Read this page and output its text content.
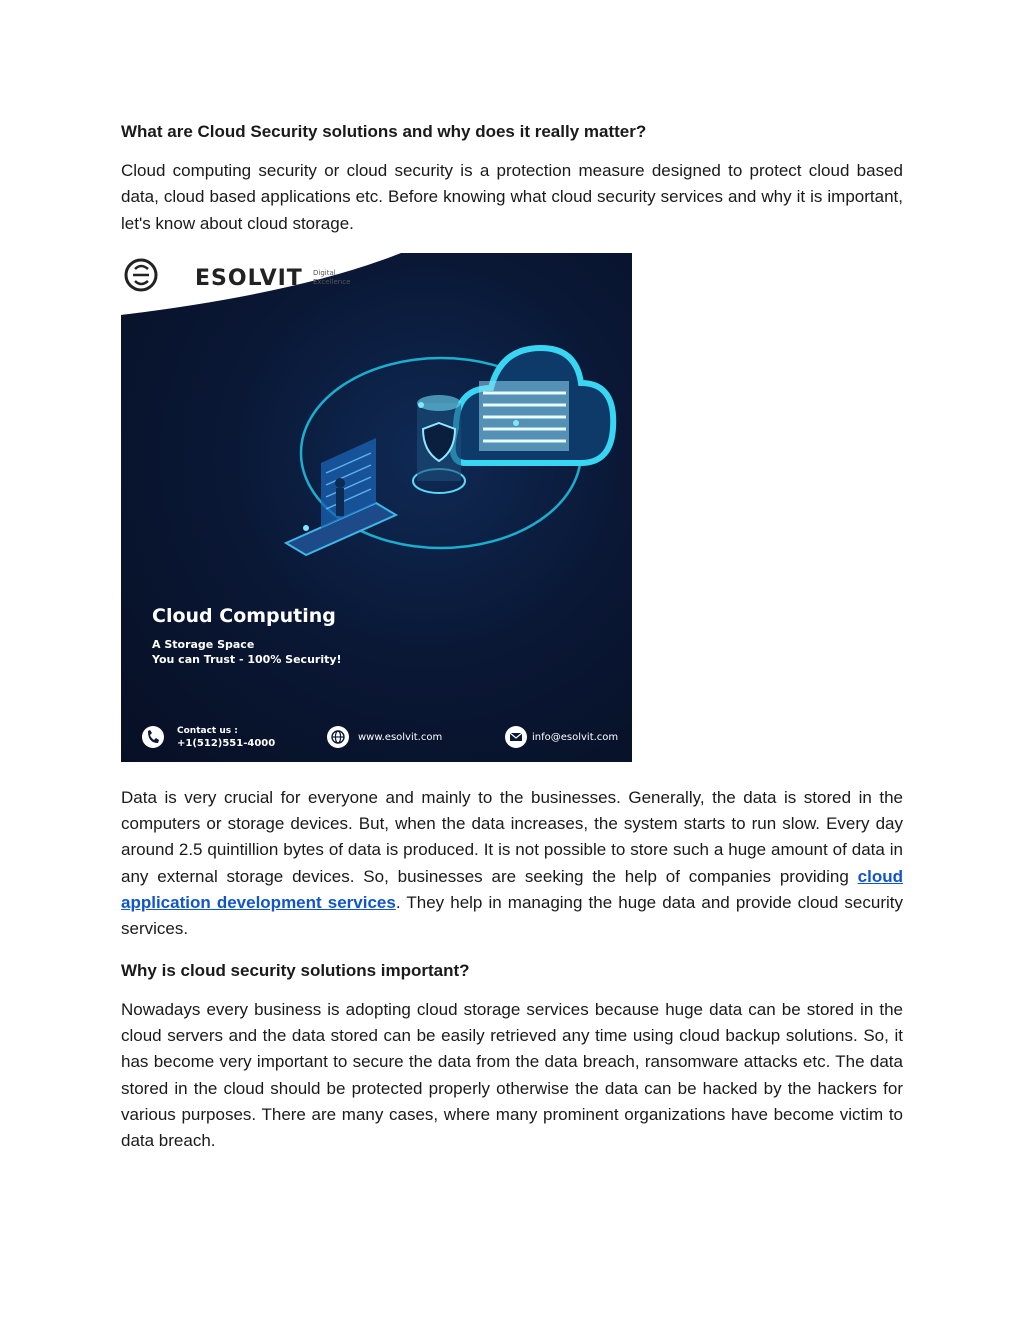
What are Cloud Security solutions and why does it really matter?

Cloud computing security or cloud security is a protection measure designed to protect cloud based data, cloud based applications etc. Before knowing what cloud security services and why it is important, let's know about cloud storage.

ESOLVIT Digital
Excellence
Cloud Computing
A Storage Space
You can Trust - 100% Security!
Contact us :
+1(512)551-4000
www.esolvit.com	info@esolvit.com

Data is very crucial for everyone and mainly to the businesses. Generally, the data is stored in the computers or storage devices. But, when the data increases, the system starts to run slow. Every day around 2.5 quintillion bytes of data is produced. It is not possible to store such a huge amount of data in any external storage devices. So, businesses are seeking the help of companies providing cloud application development services. They help in managing the huge data and provide cloud security services.

Why is cloud security solutions important?

Nowadays every business is adopting cloud storage services because huge data can be stored in the cloud servers and the data stored can be easily retrieved any time using cloud backup solutions. So, it has become very important to secure the data from the data breach, ransomware attacks etc. The data stored in the cloud should be protected properly otherwise the data can be hacked by the hackers for various purposes. There are many cases, where many prominent organizations have become victim to data breach.
